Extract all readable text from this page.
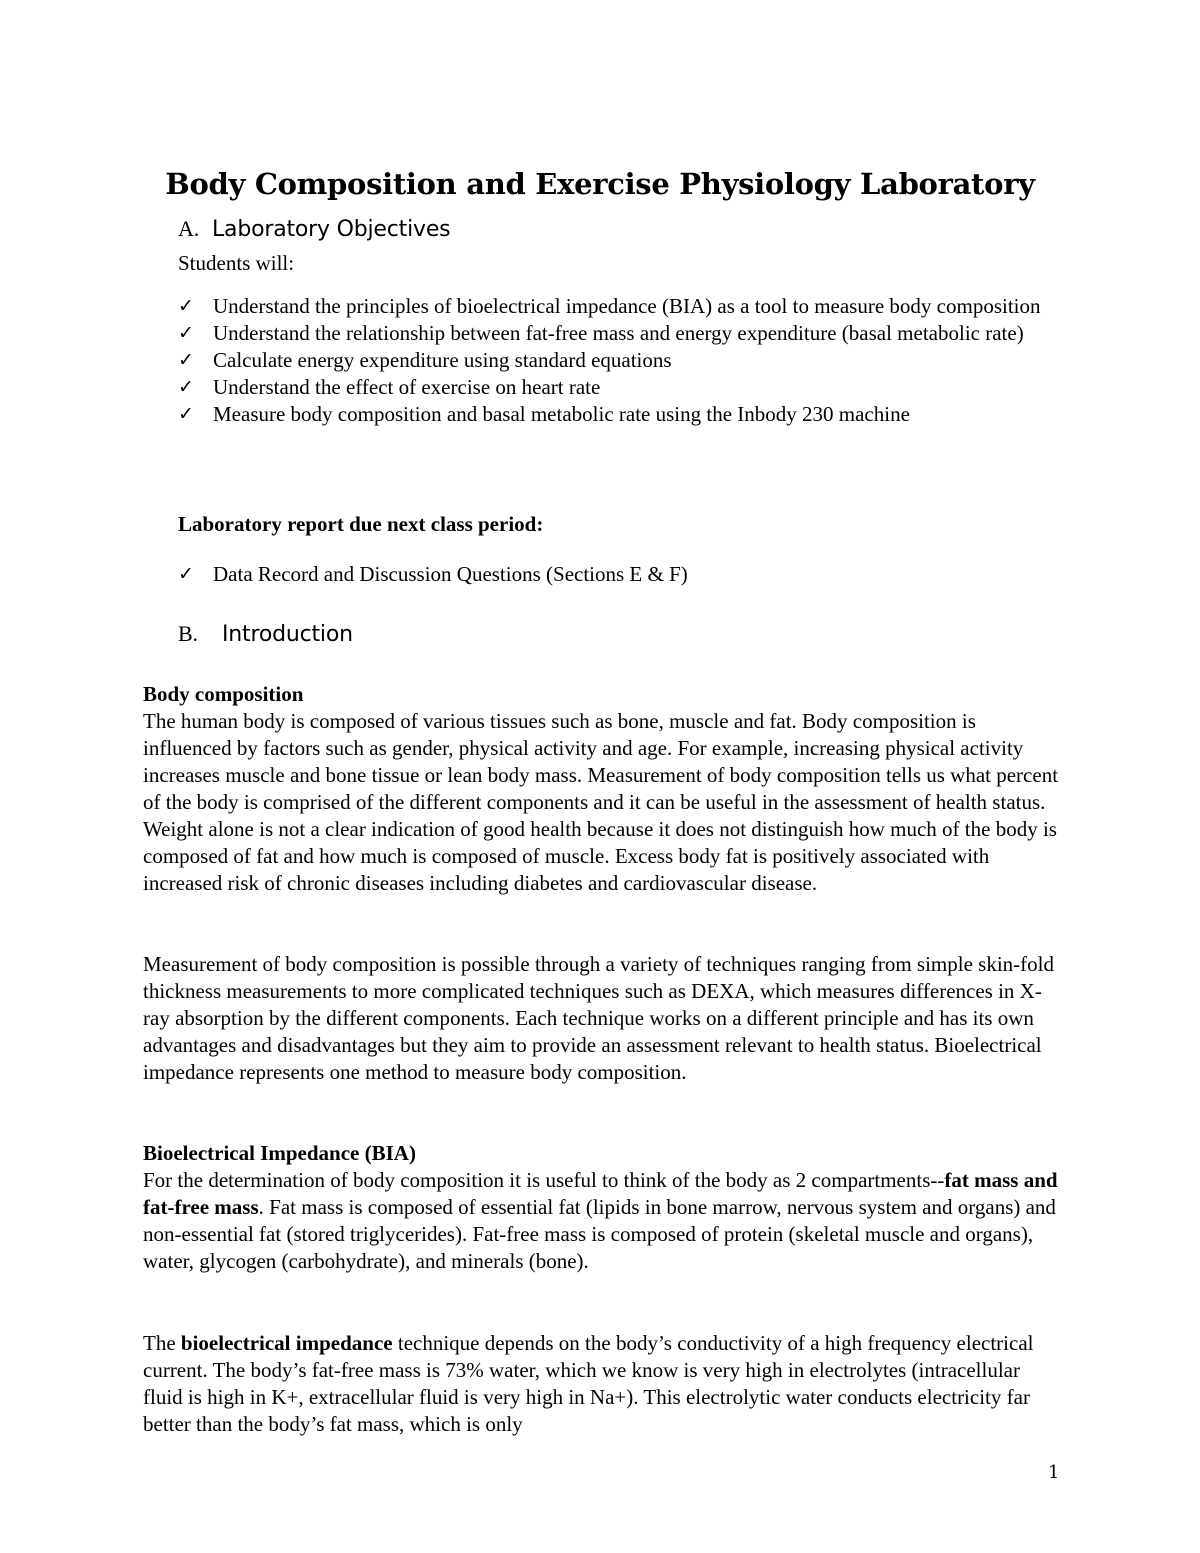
Body Composition and Exercise Physiology Laboratory
A. Laboratory Objectives
Students will:
✓ Understand the principles of bioelectrical impedance (BIA) as a tool to measure body composition
✓ Understand the relationship between fat-free mass and energy expenditure (basal metabolic rate)
✓ Calculate energy expenditure using standard equations
✓ Understand the effect of exercise on heart rate
✓ Measure body composition and basal metabolic rate using the Inbody 230 machine
Laboratory report due next class period:
✓ Data Record and Discussion Questions (Sections E & F)
B. Introduction
Body composition

The human body is composed of various tissues such as bone, muscle and fat. Body composition is influenced by factors such as gender, physical activity and age. For example, increasing physical activity increases muscle and bone tissue or lean body mass. Measurement of body composition tells us what percent of the body is comprised of the different components and it can be useful in the assessment of health status. Weight alone is not a clear indication of good health because it does not distinguish how much of the body is composed of fat and how much is composed of muscle. Excess body fat is positively associated with increased risk of chronic diseases including diabetes and cardiovascular disease.

Measurement of body composition is possible through a variety of techniques ranging from simple skin-fold thickness measurements to more complicated techniques such as DEXA, which measures differences in X-ray absorption by the different components. Each technique works on a different principle and has its own advantages and disadvantages but they aim to provide an assessment relevant to health status. Bioelectrical impedance represents one method to measure body composition.

Bioelectrical Impedance (BIA)

For the determination of body composition it is useful to think of the body as 2 compartments--fat mass and fat-free mass. Fat mass is composed of essential fat (lipids in bone marrow, nervous system and organs) and non-essential fat (stored triglycerides). Fat-free mass is composed of protein (skeletal muscle and organs), water, glycogen (carbohydrate), and minerals (bone).

The bioelectrical impedance technique depends on the body’s conductivity of a high frequency electrical current. The body’s fat-free mass is 73% water, which we know is very high in electrolytes (intracellular fluid is high in K+, extracellular fluid is very high in Na+). This electrolytic water conducts electricity far better than the body’s fat mass, which is only

1
